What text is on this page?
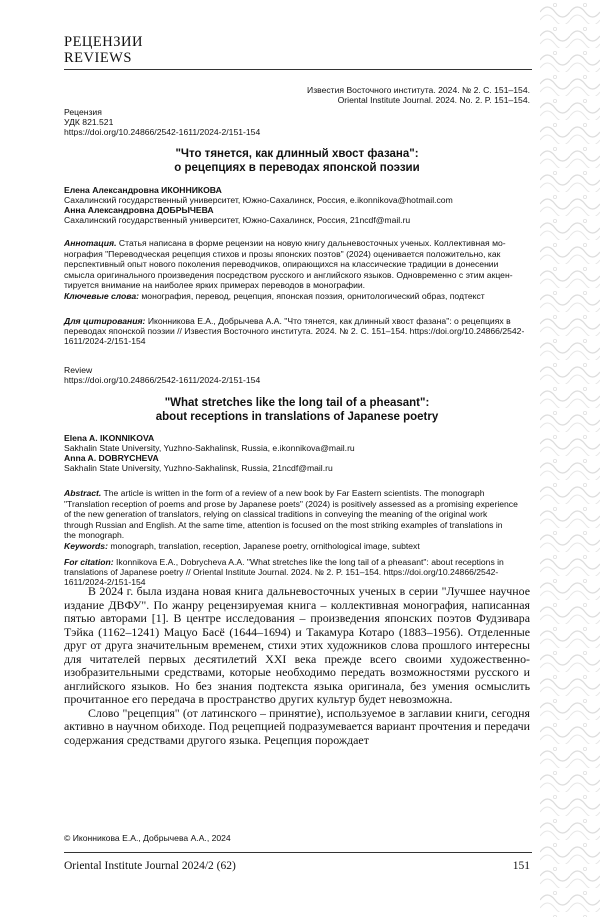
РЕЦЕНЗИИ
REVIEWS
Известия Восточного института. 2024. № 2. С. 151–154.
Oriental Institute Journal. 2024. No. 2. P. 151–154.
Рецензия
УДК 821.521
https://doi.org/10.24866/2542-1611/2024-2/151-154
"Что тянется, как длинный хвост фазана":
о рецепциях в переводах японской поэзии
Елена Александровна ИКОННИКОВА
Сахалинский государственный университет, Южно-Сахалинск, Россия, e.ikonnikova@hotmail.com
Анна Александровна ДОБРЫЧЕВА
Сахалинский государственный университет, Южно-Сахалинск, Россия, 21ncdf@mail.ru
Аннотация. Статья написана в форме рецензии на новую книгу дальневосточных ученых. Коллективная мо-
нография "Переводческая рецепция стихов и прозы японских поэтов" (2024) оценивается положительно, как
перспективный опыт нового поколения переводчиков, опирающихся на классические традиции в донесении
смысла оригинального произведения посредством русского и английского языков. Одновременно с этим акцен-
тируется внимание на наиболее ярких примерах переводов в монографии.
Ключевые слова: монография, перевод, рецепция, японская поэзия, орнитологический образ, подтекст
Для цитирования: Иконникова Е.А., Добрычева А.А. "Что тянется, как длинный хвост фазана": о рецепциях в
переводах японской поэзии // Известия Восточного института. 2024. № 2. С. 151–154. https://doi.org/10.24866/2542-
1611/2024-2/151-154
Review
https://doi.org/10.24866/2542-1611/2024-2/151-154
"What stretches like the long tail of a pheasant":
about receptions in translations of Japanese poetry
Elena A. IKONNIKOVA
Sakhalin State University, Yuzhno-Sakhalinsk, Russia, e.ikonnikova@mail.ru
Anna A. DOBRYCHEVA
Sakhalin State University, Yuzhno-Sakhalinsk, Russia, 21ncdf@mail.ru
Abstract. The article is written in the form of a review of a new book by Far Eastern scientists. The monograph
"Translation reception of poems and prose by Japanese poets" (2024) is positively assessed as a promising experience
of the new generation of translators, relying on classical traditions in conveying the meaning of the original work
through Russian and English. At the same time, attention is focused on the most striking examples of translations in
the monograph.
Keywords: monograph, translation, reception, Japanese poetry, ornithological image, subtext
For citation: Ikonnikova E.A., Dobrycheva A.A. "What stretches like the long tail of a pheasant": about receptions in
translations of Japanese poetry // Oriental Institute Journal. 2024. № 2. P. 151–154. https://doi.org/10.24866/2542-
1611/2024-2/151-154

В 2024 г. была издана новая книга дальневосточных ученых в серии "Лучшее научное издание ДВФУ". По жанру рецензируемая книга – коллективная монография, написанная пятью авторами [1]. В центре исследования – произведения японских поэтов Фудзивара Тэйка (1162–1241) Мацуо Басё (1644–1694) и Такамура Котаро (1883–1956). Отделенные друг от друга значительным временем, стихи этих художников слова прошлого интересны для читателей первых десятилетий XXI века прежде всего своими художественно-изобразительными средствами, которые необходимо передать возможностями русского и английского языков. Но без знания подтекста языка оригинала, без умения осмыслить прочитанное его передача в пространство других культур будет невозможна.

Слово "рецепция" (от латинского – принятие), используемое в заглавии книги, сегодня активно в научном обиходе. Под рецепцией подразумевается вариант прочтения и передачи содержания средствами другого языка. Рецепция порождает

© Иконникова Е.А., Добрычева А.А., 2024
Oriental Institute Journal 2024/2 (62)	151
